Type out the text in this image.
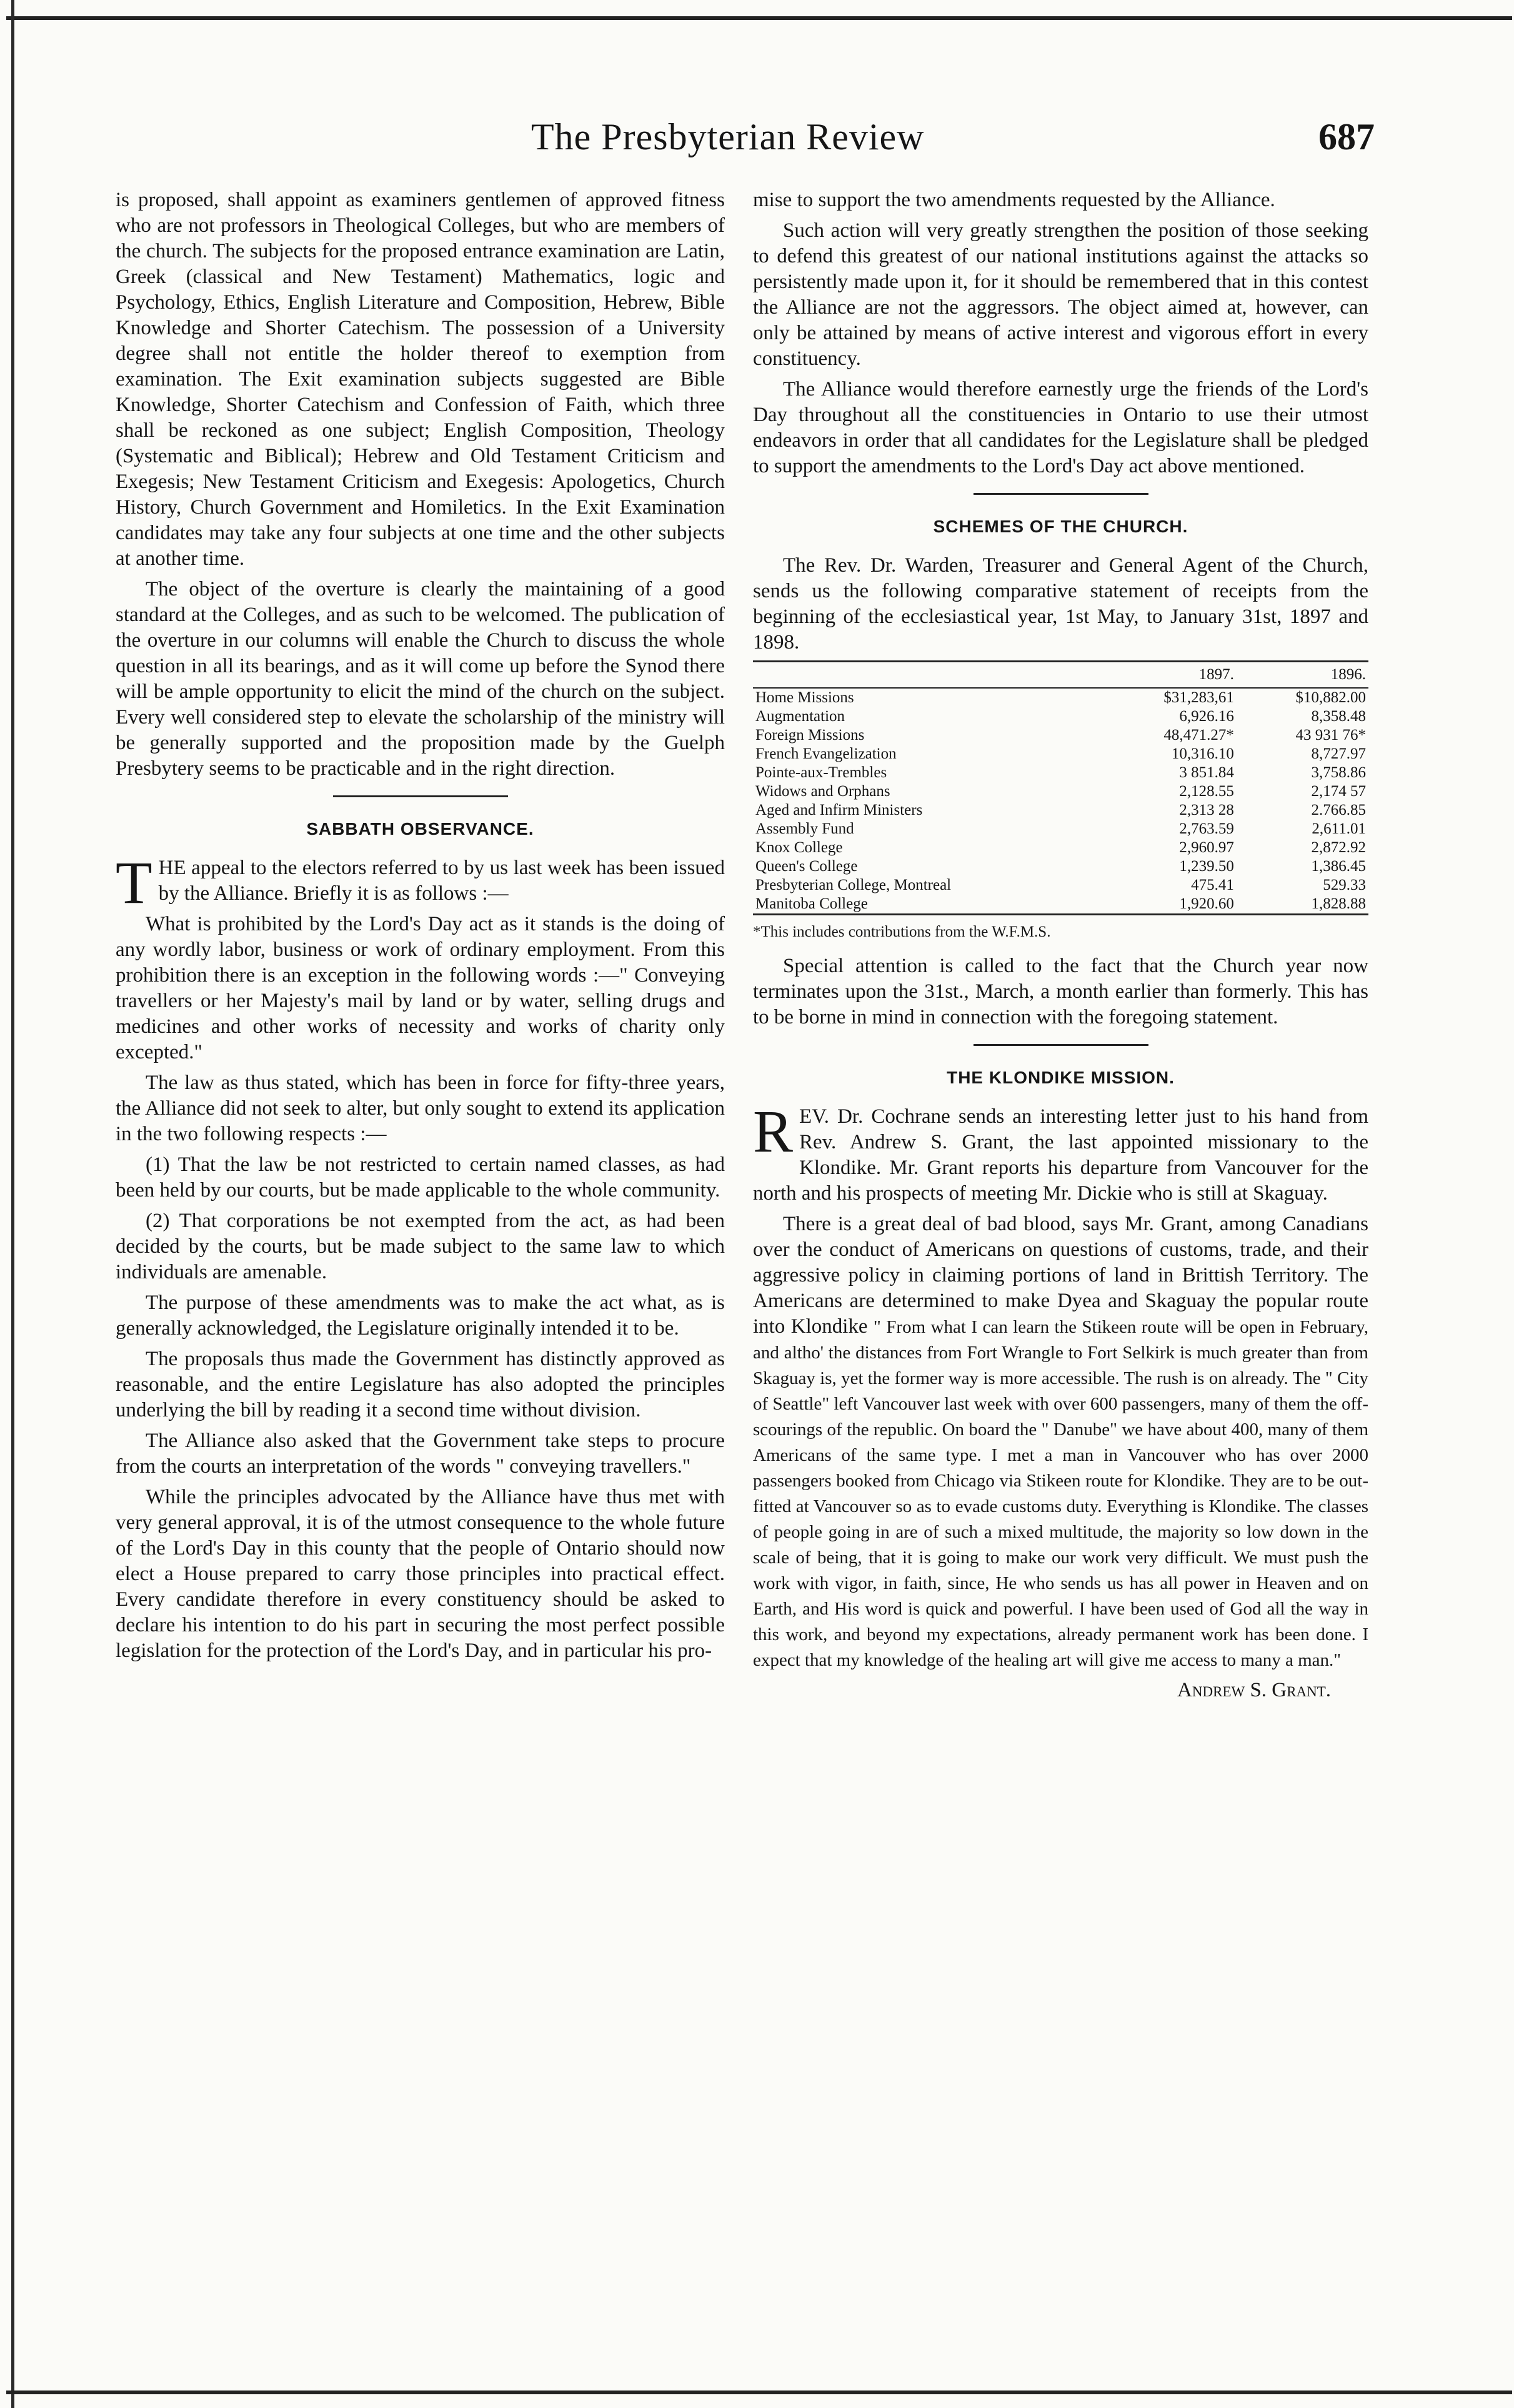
The Presbyterian Review	687

is proposed, shall appoint as examiners gentlemen of approved fitness who are not professors in Theological Colleges, but who are members of the church. The subjects for the proposed entrance examination are Latin, Greek (classical and New Testament) Mathematics, logic and Psychology, Ethics, English Literature and Composition, Hebrew, Bible Knowledge and Shorter Catechism. The possession of a University degree shall not entitle the holder thereof to exemption from examination. The Exit examination subjects suggested are Bible Knowledge, Shorter Catechism and Confession of Faith, which three shall be reckoned as one subject; English Composition, Theology (Systematic and Biblical); Hebrew and Old Testament Criticism and Exegesis; New Testament Criticism and Exegesis: Apologetics, Church History, Church Government and Homiletics. In the Exit Examination candidates may take any four subjects at one time and the other subjects at another time.

The object of the overture is clearly the maintaining of a good standard at the Colleges, and as such to be welcomed. The publication of the overture in our columns will enable the Church to discuss the whole question in all its bearings, and as it will come up before the Synod there will be ample opportunity to elicit the mind of the church on the subject. Every well considered step to elevate the scholarship of the ministry will be generally supported and the proposition made by the Guelph Presbytery seems to be practicable and in the right direction.

SABBATH OBSERVANCE.

THE appeal to the electors referred to by us last week has been issued by the Alliance. Briefly it is as follows :—

What is prohibited by the Lord's Day act as it stands is the doing of any wordly labor, business or work of ordinary employment. From this prohibition there is an exception in the following words :—" Conveying travellers or her Majesty's mail by land or by water, selling drugs and medicines and other works of necessity and works of charity only excepted."

The law as thus stated, which has been in force for fifty-three years, the Alliance did not seek to alter, but only sought to extend its application in the two following respects :—

(1) That the law be not restricted to certain named classes, as had been held by our courts, but be made applicable to the whole community.

(2) That corporations be not exempted from the act, as had been decided by the courts, but be made subject to the same law to which individuals are amenable.

The purpose of these amendments was to make the act what, as is generally acknowledged, the Legislature originally intended it to be.

The proposals thus made the Government has distinctly approved as reasonable, and the entire Legislature has also adopted the principles underlying the bill by reading it a second time without division.

The Alliance also asked that the Government take steps to procure from the courts an interpretation of the words " conveying travellers."

While the principles advocated by the Alliance have thus met with very general approval, it is of the utmost consequence to the whole future of the Lord's Day in this county that the people of Ontario should now elect a House prepared to carry those principles into practical effect. Every candidate therefore in every constituency should be asked to declare his intention to do his part in securing the most perfect possible legislation for the protection of the Lord's Day, and in particular his pro-

mise to support the two amendments requested by the Alliance.

Such action will very greatly strengthen the position of those seeking to defend this greatest of our national institutions against the attacks so persistently made upon it, for it should be remembered that in this contest the Alliance are not the aggressors. The object aimed at, however, can only be attained by means of active interest and vigorous effort in every constituency.

The Alliance would therefore earnestly urge the friends of the Lord's Day throughout all the constituencies in Ontario to use their utmost endeavors in order that all candidates for the Legislature shall be pledged to support the amendments to the Lord's Day act above mentioned.

SCHEMES OF THE CHURCH.

The Rev. Dr. Warden, Treasurer and General Agent of the Church, sends us the following comparative statement of receipts from the beginning of the ecclesiastical year, 1st May, to January 31st, 1897 and 1898.

	1897.	1896.
Home Missions	$31,283,61	$10,882.00
Augmentation	6,926.16	8,358.48
Foreign Missions	48,471.27*	43 931 76*
French Evangelization	10,316.10	8,727.97
Pointe-aux-Trembles	3 851.84	3,758.86
Widows and Orphans	2,128.55	2,174 57
Aged and Infirm Ministers	2,313 28	2.766.85
Assembly Fund	2,763.59	2,611.01
Knox College	2,960.97	2,872.92
Queen's College	1,239.50	1,386.45
Presbyterian College, Montreal	475.41	529.33
Manitoba College	1,920.60	1,828.88
*This includes contributions from the W.F.M.S.

Special attention is called to the fact that the Church year now terminates upon the 31st., March, a month earlier than formerly. This has to be borne in mind in connection with the foregoing statement.

THE KLONDIKE MISSION.

REV. Dr. Cochrane sends an interesting letter just to his hand from Rev. Andrew S. Grant, the last appointed missionary to the Klondike. Mr. Grant reports his departure from Vancouver for the north and his prospects of meeting Mr. Dickie who is still at Skaguay.

There is a great deal of bad blood, says Mr. Grant, among Canadians over the conduct of Americans on questions of customs, trade, and their aggressive policy in claiming portions of land in Brittish Territory. The Americans are determined to make Dyea and Skaguay the popular route into Klondike " From what I can learn the Stikeen route will be open in February, and altho' the distances from Fort Wrangle to Fort Selkirk is much greater than from Skaguay is, yet the former way is more accessible. The rush is on already. The " City of Seattle" left Vancouver last week with over 600 passengers, many of them the off-scourings of the republic. On board the " Danube" we have about 400, many of them Americans of the same type. I met a man in Vancouver who has over 2000 passengers booked from Chicago via Stikeen route for Klondike. They are to be out-fitted at Vancouver so as to evade customs duty. Everything is Klondike. The classes of people going in are of such a mixed multitude, the majority so low down in the scale of being, that it is going to make our work very difficult. We must push the work with vigor, in faith, since, He who sends us has all power in Heaven and on Earth, and His word is quick and powerful. I have been used of God all the way in this work, and beyond my expectations, already permanent work has been done. I expect that my knowledge of the healing art will give me access to many a man."

Andrew S. Grant.
